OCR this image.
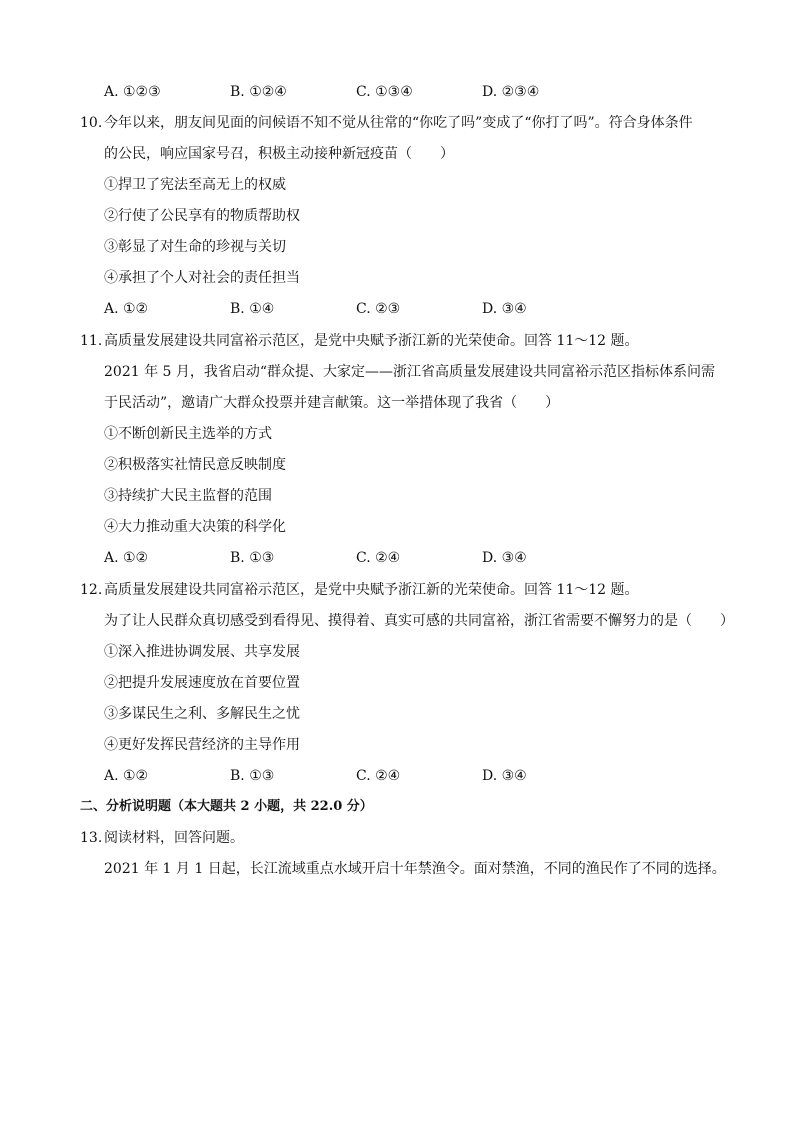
A. ①②③	B. ①②④	C. ①③④	D. ②③④
10. 今年以来，朋友间见面的问候语不知不觉从往常的“你吃了吗”变成了“你打了吗”。符合身体条件
的公民，响应国家号召，积极主动接种新冠疫苗（　　）
①捍卫了宪法至高无上的权威
②行使了公民享有的物质帮助权
③彰显了对生命的珍视与关切
④承担了个人对社会的责任担当
A. ①②	B. ①④	C. ②③	D. ③④
11. 高质量发展建设共同富裕示范区，是党中央赋予浙江新的光荣使命。回答 11～12 题。
2021 年 5 月，我省启动“群众提、大家定——浙江省高质量发展建设共同富裕示范区指标体系问需
于民活动”，邀请广大群众投票并建言献策。这一举措体现了我省（　　）
①不断创新民主选举的方式
②积极落实社情民意反映制度
③持续扩大民主监督的范围
④大力推动重大决策的科学化
A. ①②	B. ①③	C. ②④	D. ③④
12. 高质量发展建设共同富裕示范区，是党中央赋予浙江新的光荣使命。回答 11～12 题。
为了让人民群众真切感受到看得见、摸得着、真实可感的共同富裕，浙江省需要不懈努力的是（　　）
①深入推进协调发展、共享发展
②把提升发展速度放在首要位置
③多谋民生之利、多解民生之忧
④更好发挥民营经济的主导作用
A. ①②	B. ①③	C. ②④	D. ③④
二、分析说明题（本大题共 2 小题，共 22.0 分）
13. 阅读材料，回答问题。
2021 年 1 月 1 日起，长江流域重点水域开启十年禁渔令。面对禁渔，不同的渔民作了不同的选择。
